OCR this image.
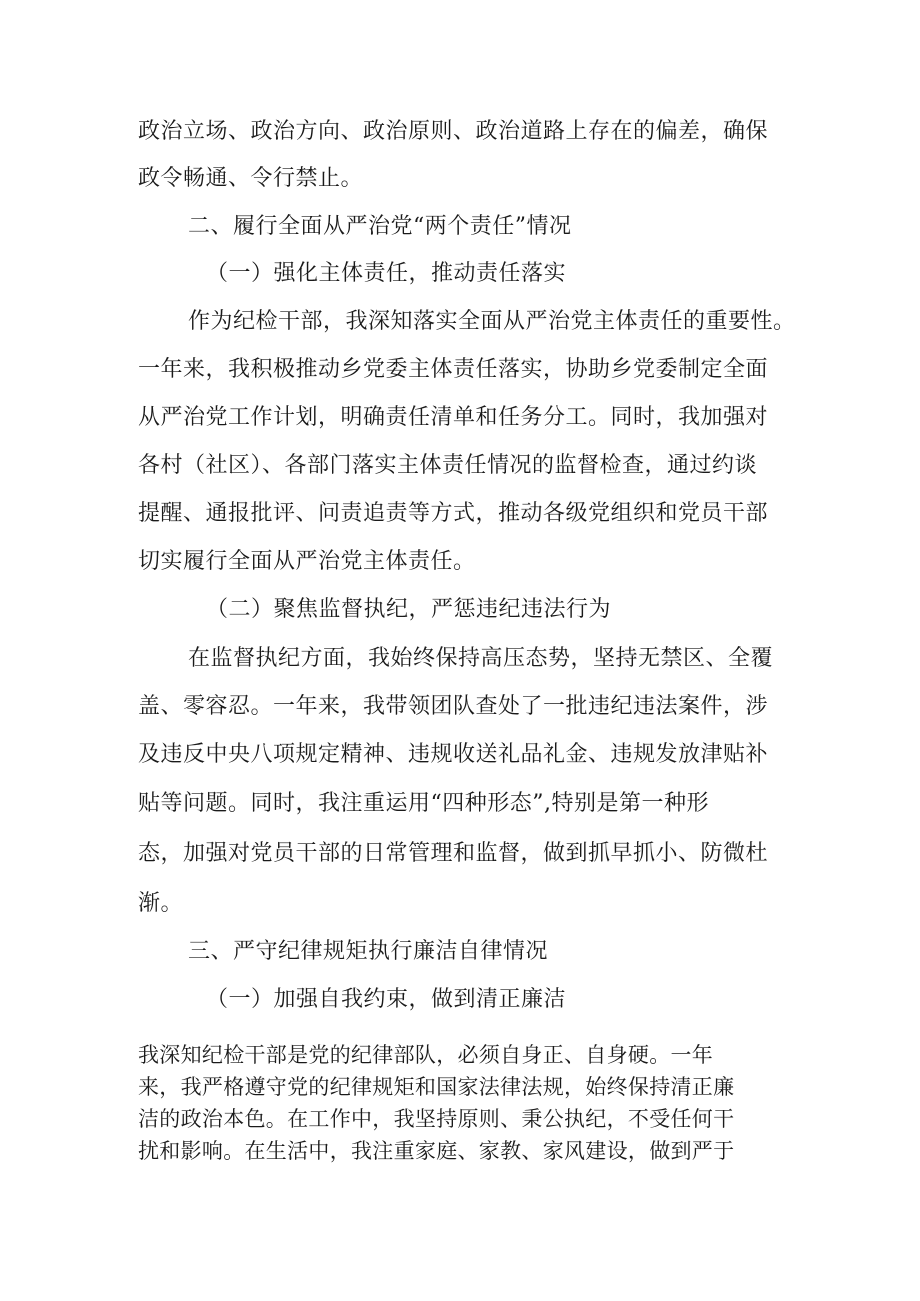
政治立场、政治方向、政治原则、政治道路上存在的偏差，确保
政令畅通、令行禁止。
二、履行全面从严治党“两个责任”情况
（一）强化主体责任，推动责任落实
作为纪检干部，我深知落实全面从严治党主体责任的重要性。
一年来，我积极推动乡党委主体责任落实，协助乡党委制定全面
从严治党工作计划，明确责任清单和任务分工。同时，我加强对
各村（社区）、各部门落实主体责任情况的监督检查，通过约谈
提醒、通报批评、问责追责等方式，推动各级党组织和党员干部
切实履行全面从严治党主体责任。
（二）聚焦监督执纪，严惩违纪违法行为
在监督执纪方面，我始终保持高压态势，坚持无禁区、全覆
盖、零容忍。一年来，我带领团队查处了一批违纪违法案件，涉
及违反中央八项规定精神、违规收送礼品礼金、违规发放津贴补
贴等问题。同时，我注重运用“四种形态”,特别是第一种形
态，加强对党员干部的日常管理和监督，做到抓早抓小、防微杜
渐。
三、严守纪律规矩执行廉洁自律情况
（一）加强自我约束，做到清正廉洁
我深知纪检干部是党的纪律部队，必须自身正、自身硬。一年
来，我严格遵守党的纪律规矩和国家法律法规，始终保持清正廉
洁的政治本色。在工作中，我坚持原则、秉公执纪，不受任何干
扰和影响。在生活中，我注重家庭、家教、家风建设，做到严于
